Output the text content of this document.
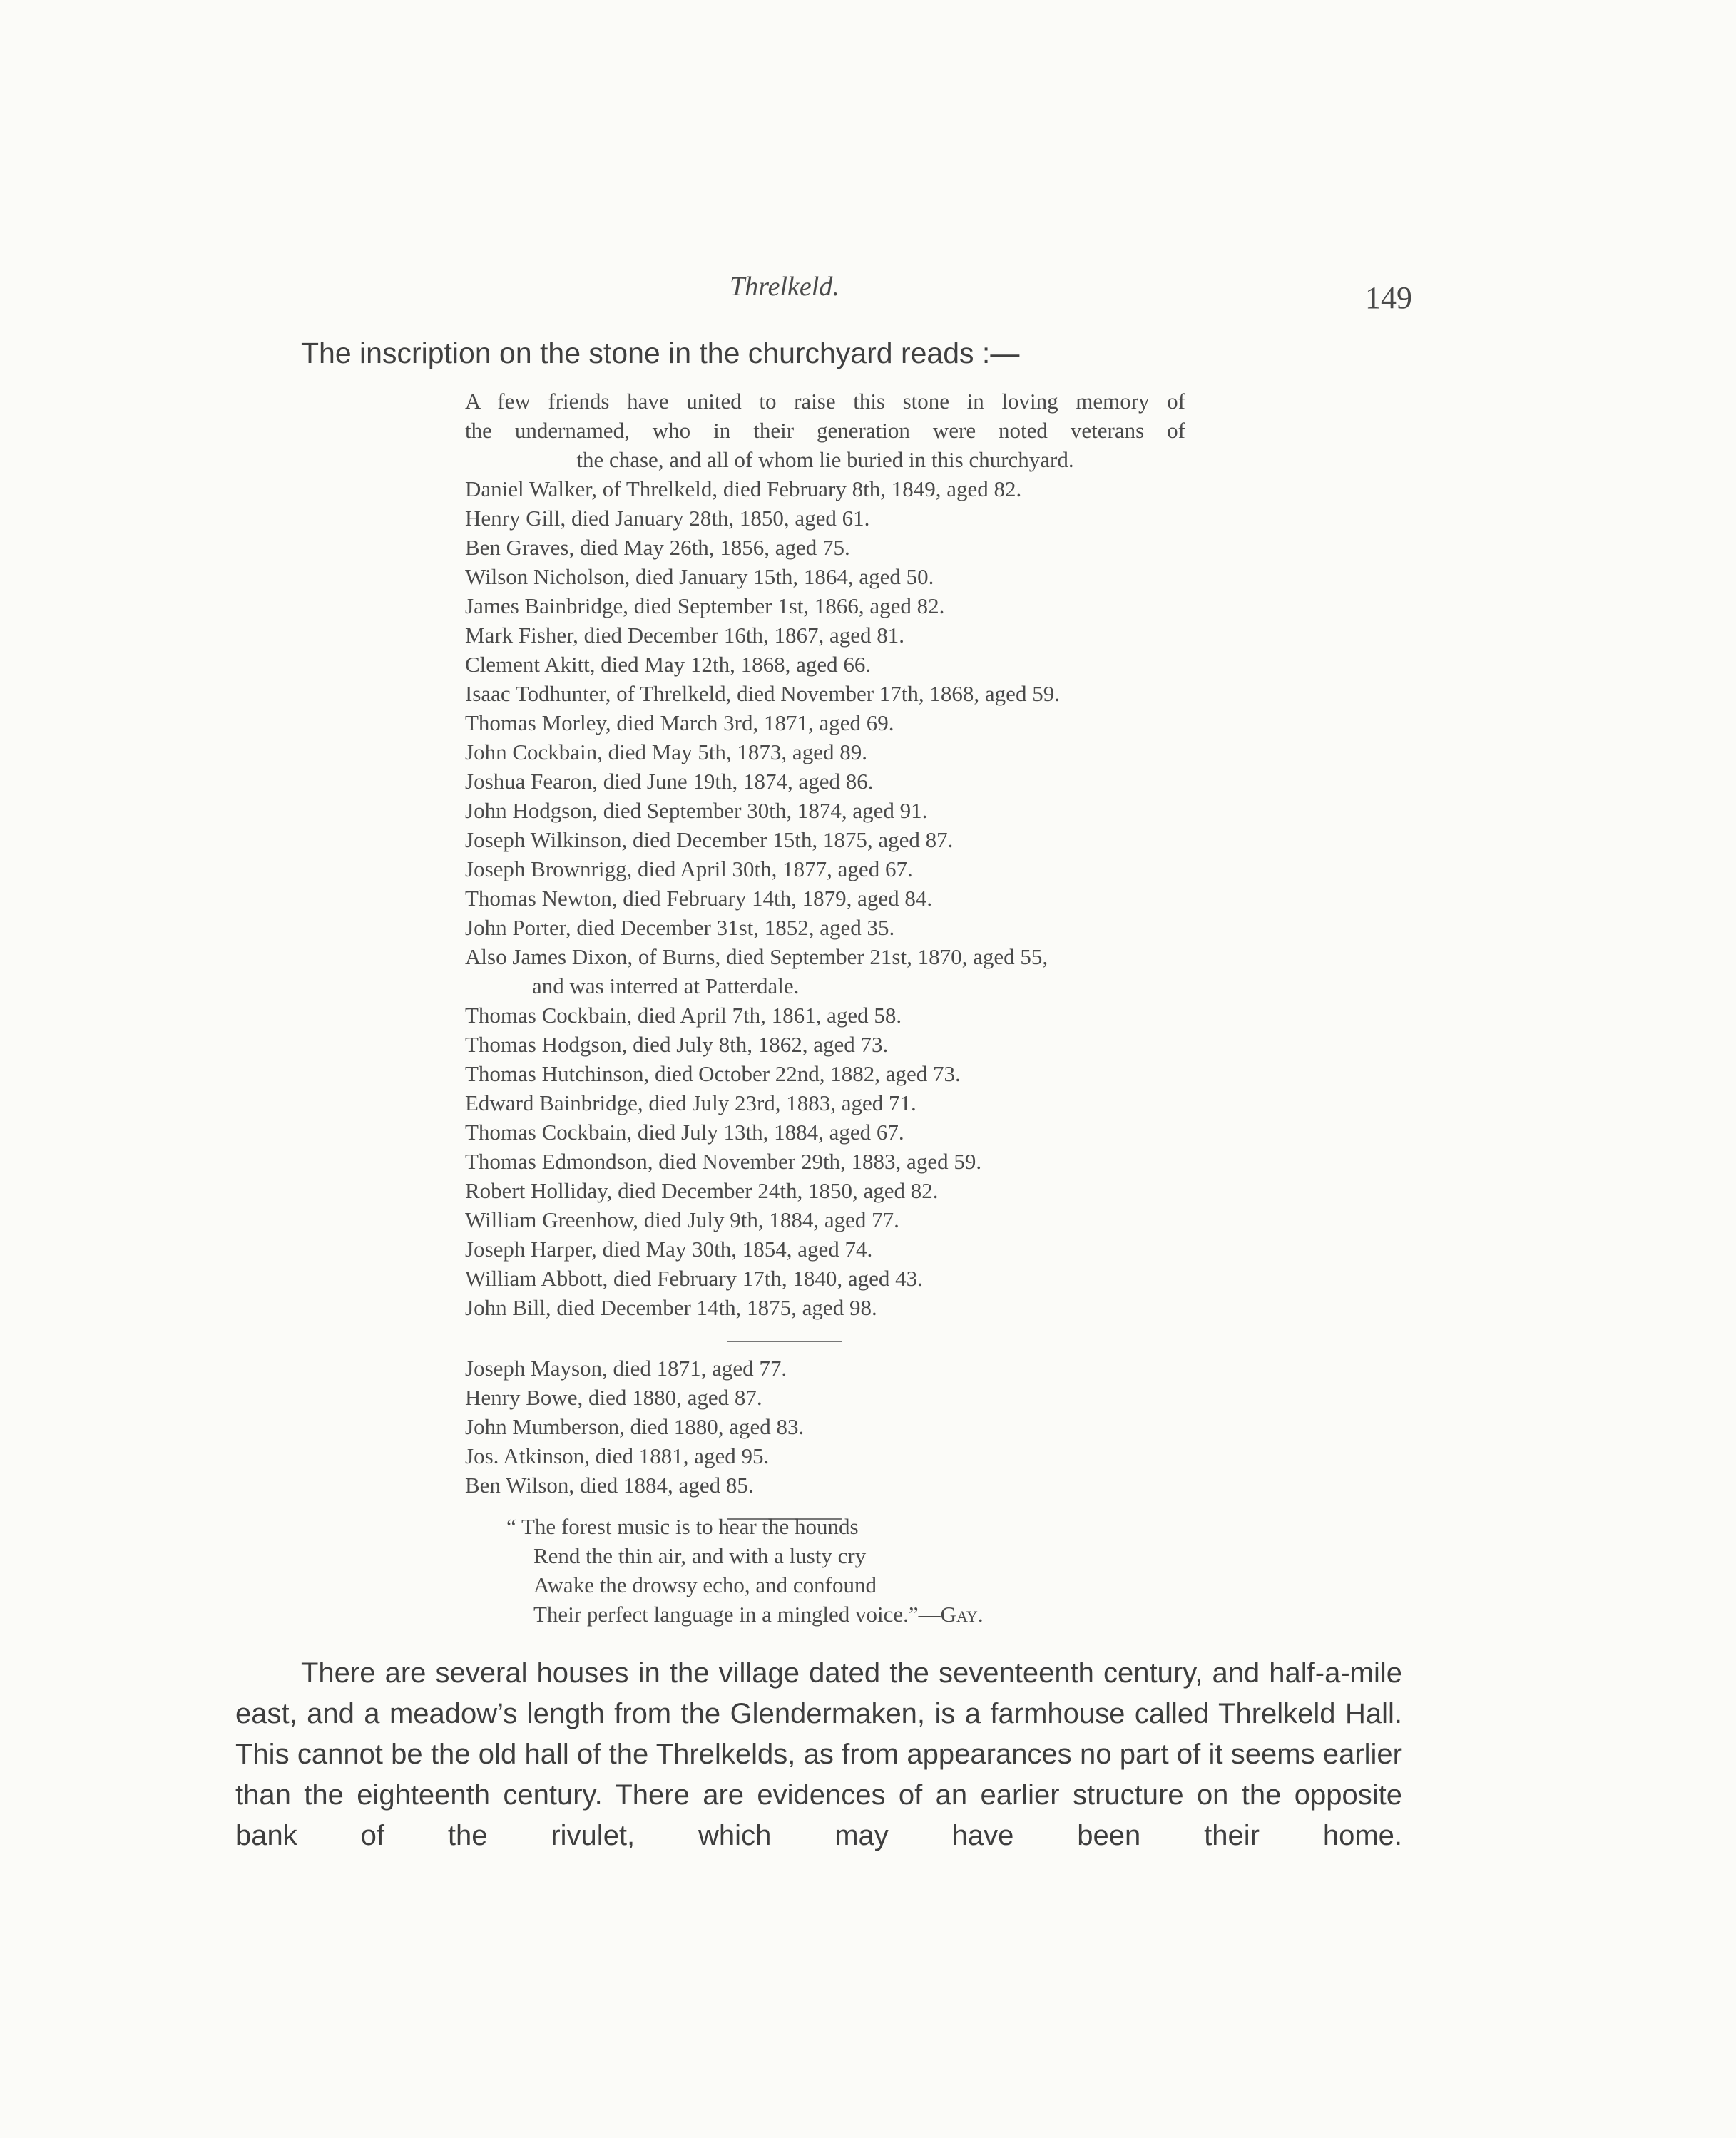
Threlkeld.	149
The inscription on the stone in the churchyard reads :—
A few friends have united to raise this stone in loving memory of
the undernamed, who in their generation were noted veterans of
the chase, and all of whom lie buried in this churchyard.
Daniel Walker, of Threlkeld, died February 8th, 1849, aged 82.
Henry Gill, died January 28th, 1850, aged 61.
Ben Graves, died May 26th, 1856, aged 75.
Wilson Nicholson, died January 15th, 1864, aged 50.
James Bainbridge, died September 1st, 1866, aged 82.
Mark Fisher, died December 16th, 1867, aged 81.
Clement Akitt, died May 12th, 1868, aged 66.
Isaac Todhunter, of Threlkeld, died November 17th, 1868, aged 59.
Thomas Morley, died March 3rd, 1871, aged 69.
John Cockbain, died May 5th, 1873, aged 89.
Joshua Fearon, died June 19th, 1874, aged 86.
John Hodgson, died September 30th, 1874, aged 91.
Joseph Wilkinson, died December 15th, 1875, aged 87.
Joseph Brownrigg, died April 30th, 1877, aged 67.
Thomas Newton, died February 14th, 1879, aged 84.
John Porter, died December 31st, 1852, aged 35.
Also James Dixon, of Burns, died September 21st, 1870, aged 55,
and was interred at Patterdale.
Thomas Cockbain, died April 7th, 1861, aged 58.
Thomas Hodgson, died July 8th, 1862, aged 73.
Thomas Hutchinson, died October 22nd, 1882, aged 73.
Edward Bainbridge, died July 23rd, 1883, aged 71.
Thomas Cockbain, died July 13th, 1884, aged 67.
Thomas Edmondson, died November 29th, 1883, aged 59.
Robert Holliday, died December 24th, 1850, aged 82.
William Greenhow, died July 9th, 1884, aged 77.
Joseph Harper, died May 30th, 1854, aged 74.
William Abbott, died February 17th, 1840, aged 43.
John Bill, died December 14th, 1875, aged 98.
Joseph Mayson, died 1871, aged 77.
Henry Bowe, died 1880, aged 87.
John Mumberson, died 1880, aged 83.
Jos. Atkinson, died 1881, aged 95.
Ben Wilson, died 1884, aged 85.
“ The forest music is to hear the hounds
Rend the thin air, and with a lusty cry
Awake the drowsy echo, and confound
Their perfect language in a mingled voice.”—Gay.
There are several houses in the village dated the seventeenth century, and half-a-mile east, and a meadow’s length from the Glendermaken, is a farmhouse called Threlkeld Hall. This cannot be the old hall of the Threlkelds, as from appearances no part of it seems earlier than the eighteenth century. There are evidences of an earlier structure on the opposite bank of the rivulet, which may have been their home.
